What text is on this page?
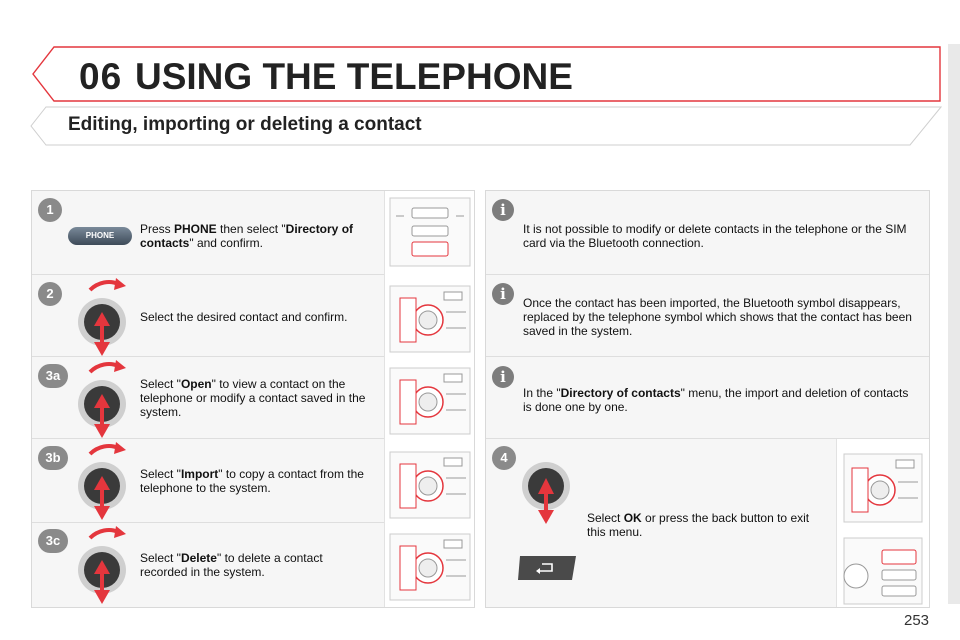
06 USING THE TELEPHONE
Editing, importing or deleting a contact
1
2
3a
3b
3c
PHONE	Press PHONE then select "Directory of contacts" and confirm.
Select the desired contact and confirm.
Select "Open" to view a contact on the telephone or modify a contact saved in the system.
Select "Import" to copy a contact from the telephone to the system.
Select "Delete" to delete a contact recorded in the system.
i
i
i
It is not possible to modify or delete contacts in the telephone or the SIM card via the Bluetooth connection.
Once the contact has been imported, the Bluetooth symbol disappears, replaced by the telephone symbol which shows that the contact has been saved in the system.
In the "Directory of contacts" menu, the import and deletion of contacts is done one by one.
4
Select OK or press the back button to exit this menu.
253
